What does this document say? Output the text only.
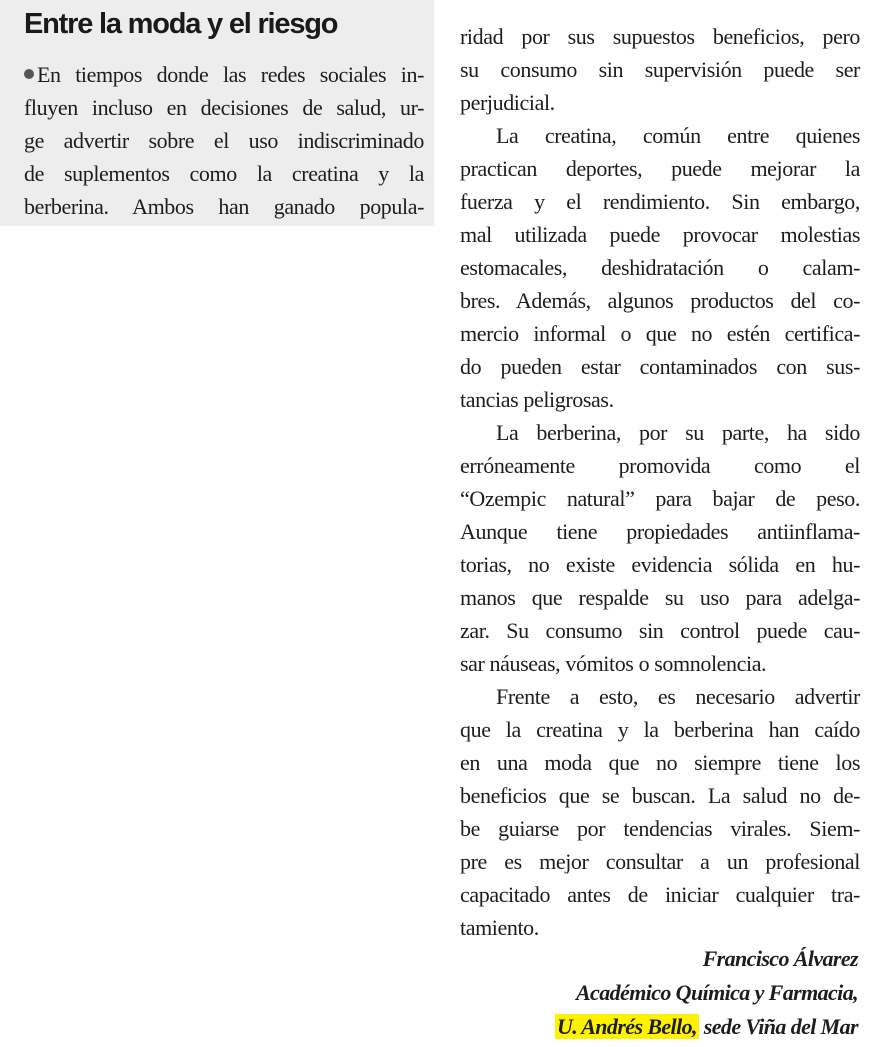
Entre la moda y el riesgo
En tiempos donde las redes sociales in-
fluyen incluso en decisiones de salud, ur-
ge advertir sobre el uso indiscriminado
de suplementos como la creatina y la
berberina. Ambos han ganado popula-
ridad por sus supuestos beneficios, pero
su consumo sin supervisión puede ser
perjudicial.
La creatina, común entre quienes
practican deportes, puede mejorar la
fuerza y el rendimiento. Sin embargo,
mal utilizada puede provocar molestias
estomacales, deshidratación o calam-
bres. Además, algunos productos del co-
mercio informal o que no estén certifica-
do pueden estar contaminados con sus-
tancias peligrosas.
La berberina, por su parte, ha sido
erróneamente promovida como el
“Ozempic natural” para bajar de peso.
Aunque tiene propiedades antiinflama-
torias, no existe evidencia sólida en hu-
manos que respalde su uso para adelga-
zar. Su consumo sin control puede cau-
sar náuseas, vómitos o somnolencia.
Frente a esto, es necesario advertir
que la creatina y la berberina han caído
en una moda que no siempre tiene los
beneficios que se buscan. La salud no de-
be guiarse por tendencias virales. Siem-
pre es mejor consultar a un profesional
capacitado antes de iniciar cualquier tra-
tamiento.
Francisco Álvarez
Académico Química y Farmacia,
U. Andrés Bello, sede Viña del Mar
